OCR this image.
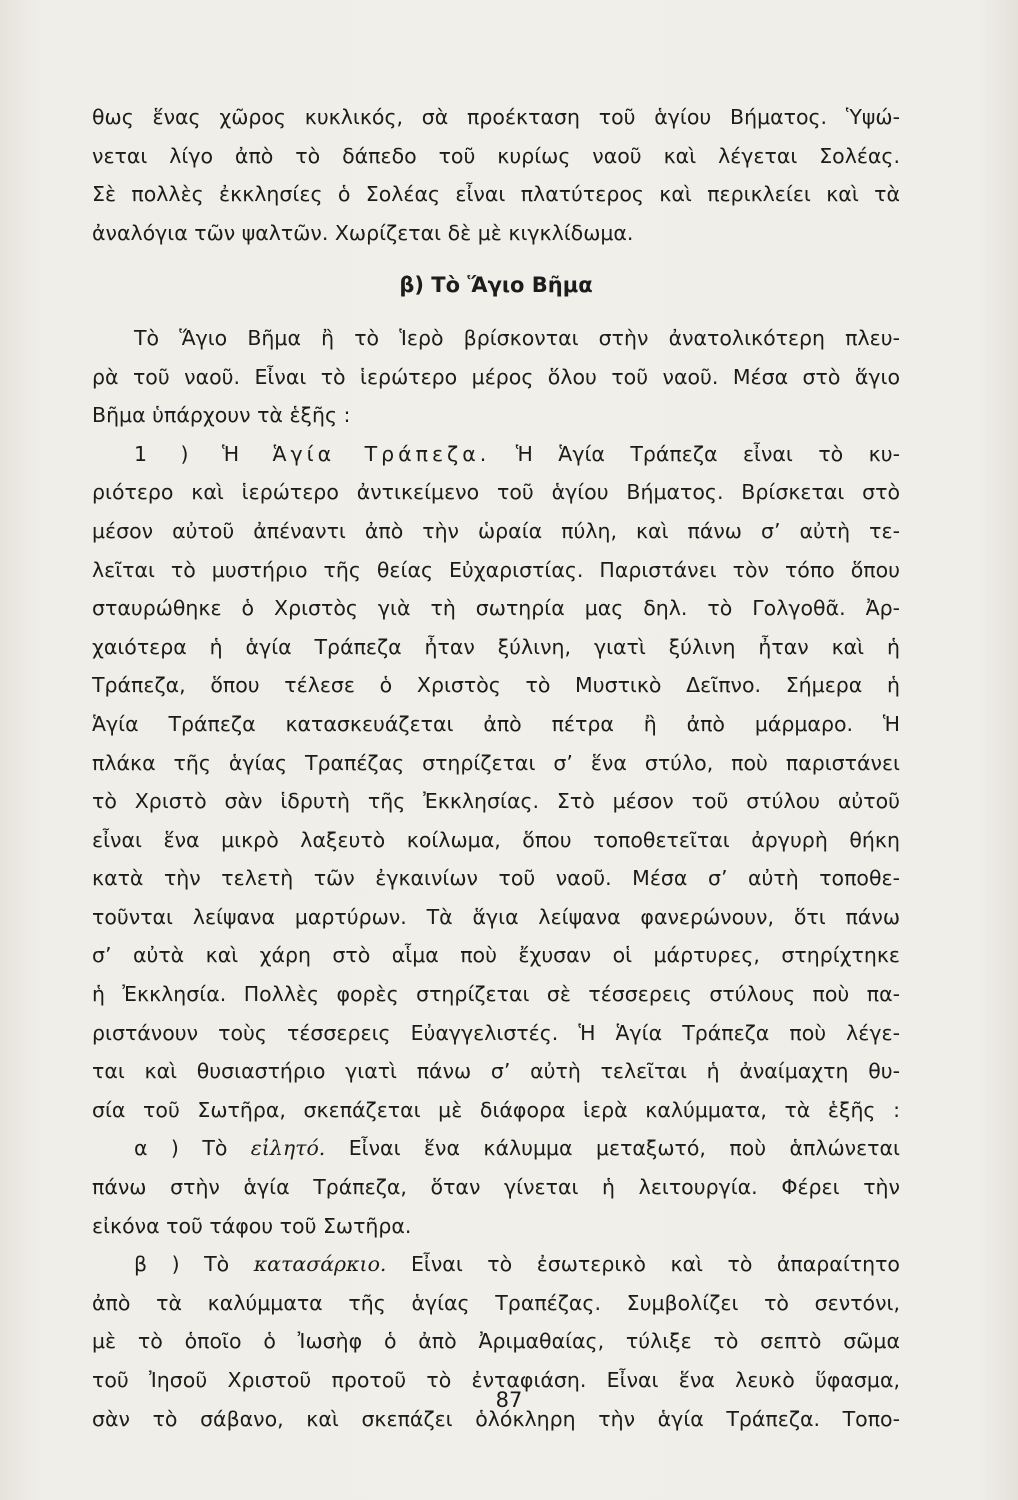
θως ἕνας χῶρος κυκλικός, σὰ προέκταση τοῦ ἁγίου Βήματος. Ὑψώ-
νεται λίγο ἀπὸ τὸ δάπεδο τοῦ κυρίως ναοῦ καὶ λέγεται Σολέας.
Σὲ πολλὲς ἐκκλησίες ὁ Σολέας εἶναι πλατύτερος καὶ περικλείει καὶ τὰ
ἀναλόγια τῶν ψαλτῶν. Χωρίζεται δὲ μὲ κιγκλίδωμα.
β) Τὸ Ἅγιο Βῆμα
Τὸ Ἅγιο Βῆμα ἢ τὸ Ἱερὸ βρίσκονται στὴν ἀνατολικότερη πλευ-
ρὰ τοῦ ναοῦ. Εἶναι τὸ ἱερώτερο μέρος ὅλου τοῦ ναοῦ. Μέσα στὸ ἅγιο
Βῆμα ὑπάρχουν τὰ ἑξῆς :
1 ) Ἡ Ἁγία Τράπεζα. Ἡ Ἁγία Τράπεζα εἶναι τὸ κυ-
ριότερο καὶ ἱερώτερο ἀντικείμενο τοῦ ἁγίου Βήματος. Βρίσκεται στὸ
μέσον αὐτοῦ ἀπέναντι ἀπὸ τὴν ὡραία πύλη, καὶ πάνω σ’ αὐτὴ τε-
λεῖται τὸ μυστήριο τῆς θείας Εὐχαριστίας. Παριστάνει τὸν τόπο ὅπου
σταυρώθηκε ὁ Χριστὸς γιὰ τὴ σωτηρία μας δηλ. τὸ Γολγοθᾶ. Ἀρ-
χαιότερα ἡ ἁγία Τράπεζα ἦταν ξύλινη, γιατὶ ξύλινη ἦταν καὶ ἡ
Τράπεζα, ὅπου τέλεσε ὁ Χριστὸς τὸ Μυστικὸ Δεῖπνο. Σήμερα ἡ
Ἁγία Τράπεζα κατασκευάζεται ἀπὸ πέτρα ἢ ἀπὸ μάρμαρο. Ἡ
πλάκα τῆς ἁγίας Τραπέζας στηρίζεται σ’ ἕνα στύλο, ποὺ παριστάνει
τὸ Χριστὸ σὰν ἱδρυτὴ τῆς Ἐκκλησίας. Στὸ μέσον τοῦ στύλου αὐτοῦ
εἶναι ἕνα μικρὸ λαξευτὸ κοίλωμα, ὅπου τοποθετεῖται ἀργυρὴ θήκη
κατὰ τὴν τελετὴ τῶν ἐγκαινίων τοῦ ναοῦ. Μέσα σ’ αὐτὴ τοποθε-
τοῦνται λείψανα μαρτύρων. Τὰ ἅγια λείψανα φανερώνουν, ὅτι πάνω
σ’ αὐτὰ καὶ χάρη στὸ αἷμα ποὺ ἔχυσαν οἱ μάρτυρες, στηρίχτηκε
ἡ Ἐκκλησία. Πολλὲς φορὲς στηρίζεται σὲ τέσσερεις στύλους ποὺ πα-
ριστάνουν τοὺς τέσσερεις Εὐαγγελιστές. Ἡ Ἁγία Τράπεζα ποὺ λέγε-
ται καὶ θυσιαστήριο γιατὶ πάνω σ’ αὐτὴ τελεῖται ἡ ἀναίμαχτη θυ-
σία τοῦ Σωτῆρα, σκεπάζεται μὲ διάφορα ἱερὰ καλύμματα, τὰ ἑξῆς :
α ) Τὸ εἰλητό. Εἶναι ἕνα κάλυμμα μεταξωτό, ποὺ ἁπλώνεται
πάνω στὴν ἁγία Τράπεζα, ὅταν γίνεται ἡ λειτουργία. Φέρει τὴν
εἰκόνα τοῦ τάφου τοῦ Σωτῆρα.
β ) Τὸ κατασάρκιο. Εἶναι τὸ ἐσωτερικὸ καὶ τὸ ἀπαραίτητο
ἀπὸ τὰ καλύμματα τῆς ἁγίας Τραπέζας. Συμβολίζει τὸ σεντόνι,
μὲ τὸ ὁποῖο ὁ Ἰωσὴφ ὁ ἀπὸ Ἀριμαθαίας, τύλιξε τὸ σεπτὸ σῶμα
τοῦ Ἰησοῦ Χριστοῦ προτοῦ τὸ ἐνταφιάση. Εἶναι ἕνα λευκὸ ὕφασμα,
σὰν τὸ σάβανο, καὶ σκεπάζει ὁλόκληρη τὴν ἁγία Τράπεζα. Τοπο-
87
